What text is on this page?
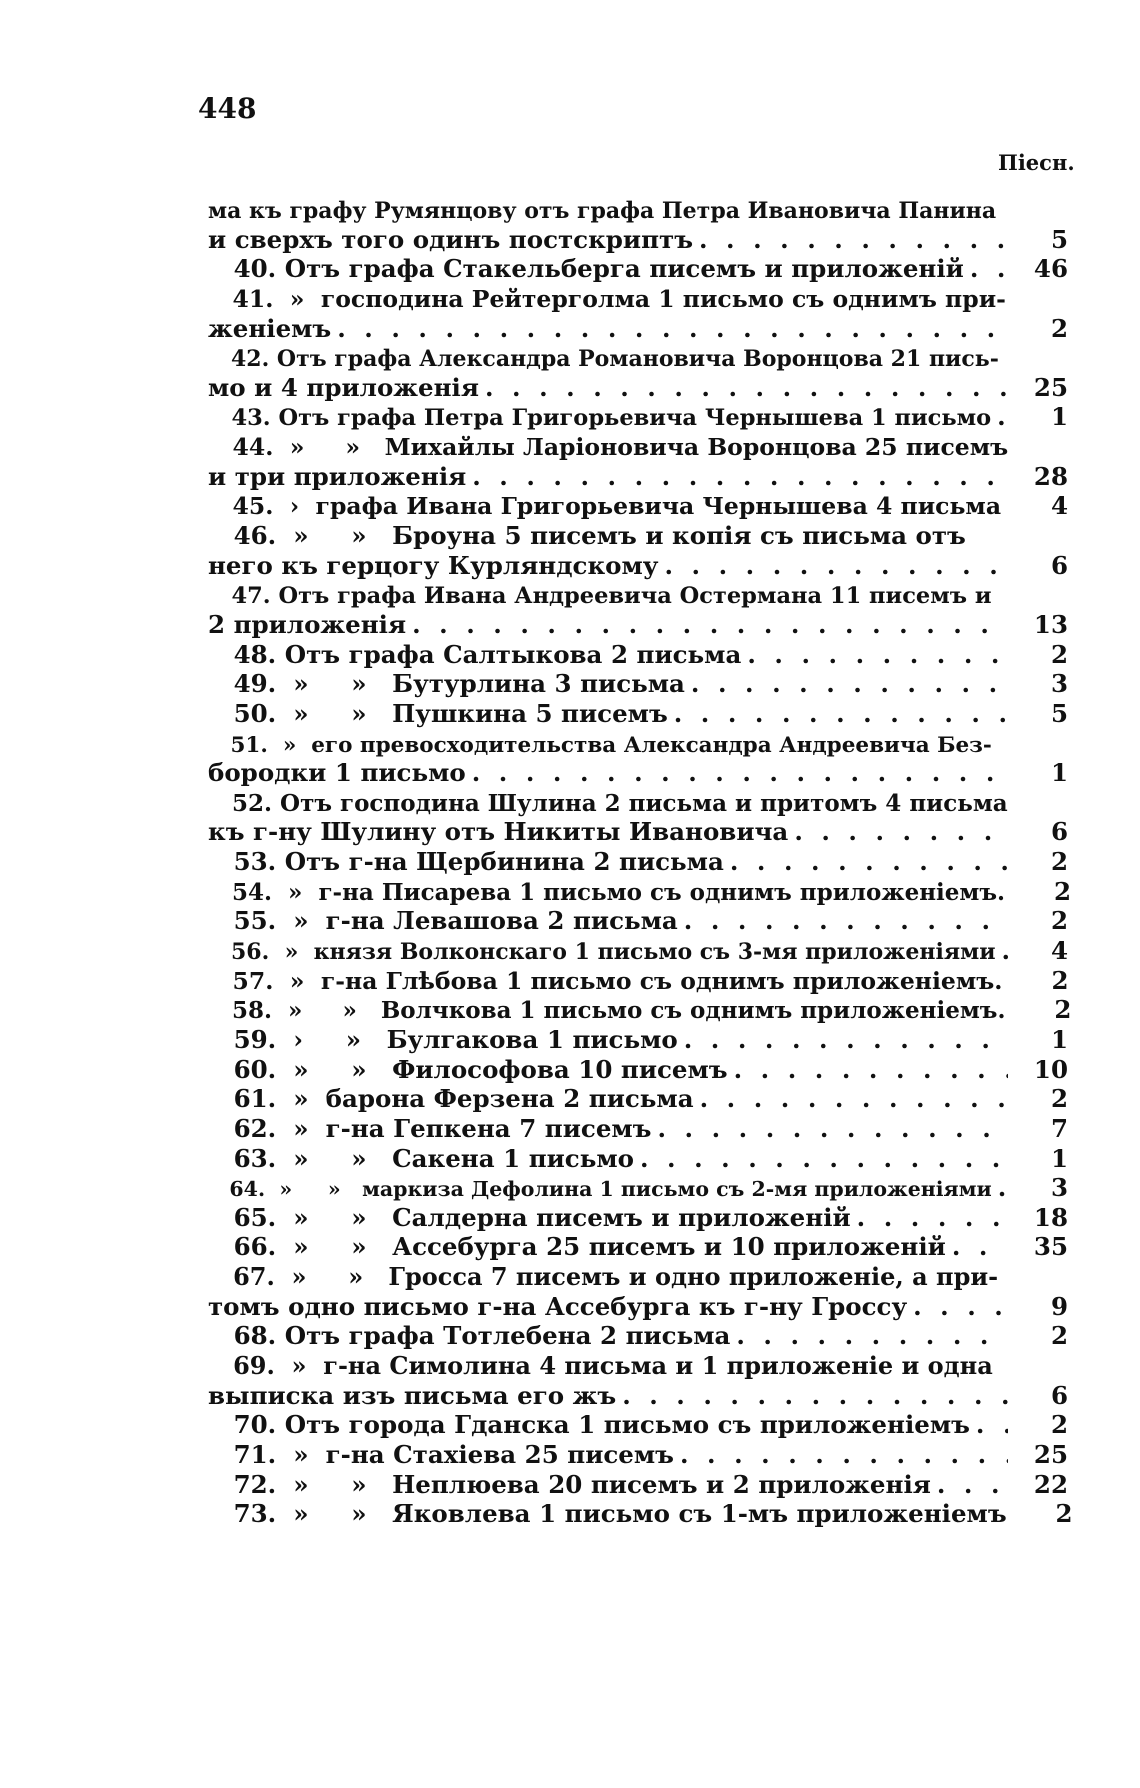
448
Піесн.
ма къ графу Румянцову отъ графа Петра Ивановича Панина
и сверхъ того одинъ постскриптъ . . .	5
40. Отъ графа Стакельберга писемъ и приложеній . . .	46
41.  »  господина Рейтерголма 1 письмо съ однимъ при-
женіемъ . . .	2
42. Отъ графа Александра Романовича Воронцова 21 пись-
мо и 4 приложенія . . .	25
43. Отъ графа Петра Григорьевича Чернышева 1 письмо . . .	1
44.  »     »   Михайлы Ларіоновича Воронцова 25 писемъ
и три приложенія . . .	28
45.  ›  графа Ивана Григорьевича Чернышева 4 письма . . .	4
46.  »     »   Броуна 5 писемъ и копія съ письма отъ
него къ герцогу Курляндскому . . .	6
47. Отъ графа Ивана Андреевича Остермана 11 писемъ и
2 приложенія . . .	13
48. Отъ графа Салтыкова 2 письма . . .	2
49.  »     »   Бутурлина 3 письма . . .	3
50.  »     »   Пушкина 5 писемъ . . .	5
51.  »  его превосходительства Александра Андреевича Без-
бородки 1 письмо . . .	1
52. Отъ господина Шулина 2 письма и притомъ 4 письма
къ г-ну Шулину отъ Никиты Ивановича . . .	6
53. Отъ г-на Щербинина 2 письма . . .	2
54.  »  г-на Писарева 1 письмо съ однимъ приложеніемъ.	2
55.  »  г-на Левашова 2 письма . . .	2
56.  »  князя Волконскаго 1 письмо съ 3-мя приложеніями . . .	4
57.  »  г-на Глѣбова 1 письмо съ однимъ приложеніемъ.	2
58.  »     »   Волчкова 1 письмо съ однимъ приложеніемъ.	2
59.  ›     »   Булгакова 1 письмо . . .	1
60.  »     »   Философова 10 писемъ . . .	10
61.  »  барона Ферзена 2 письма . . .	2
62.  »  г-на Гепкена 7 писемъ . . .	7
63.  »     »   Сакена 1 письмо . . .	1
64.  »     »   маркиза Дефолина 1 письмо съ 2-мя приложеніями . . .	3
65.  »     »   Салдерна писемъ и приложеній . . .	18
66.  »     »   Ассебурга 25 писемъ и 10 приложеній . . .	35
67.  »     »   Гросса 7 писемъ и одно приложеніе, а при-
томъ одно письмо г-на Ассебурга къ г-ну Гроссу . . .	9
68. Отъ графа Тотлебена 2 письма . . .	2
69.  »  г-на Симолина 4 письма и 1 приложеніе и одна
выписка изъ письма его жъ . . .	6
70. Отъ города Гданска 1 письмо съ приложеніемъ . . .	2
71.  »  г-на Стахіева 25 писемъ . . .	25
72.  »     »   Неплюева 20 писемъ и 2 приложенія . . .	22
73.  »     »   Яковлева 1 письмо съ 1-мъ приложеніемъ	2
